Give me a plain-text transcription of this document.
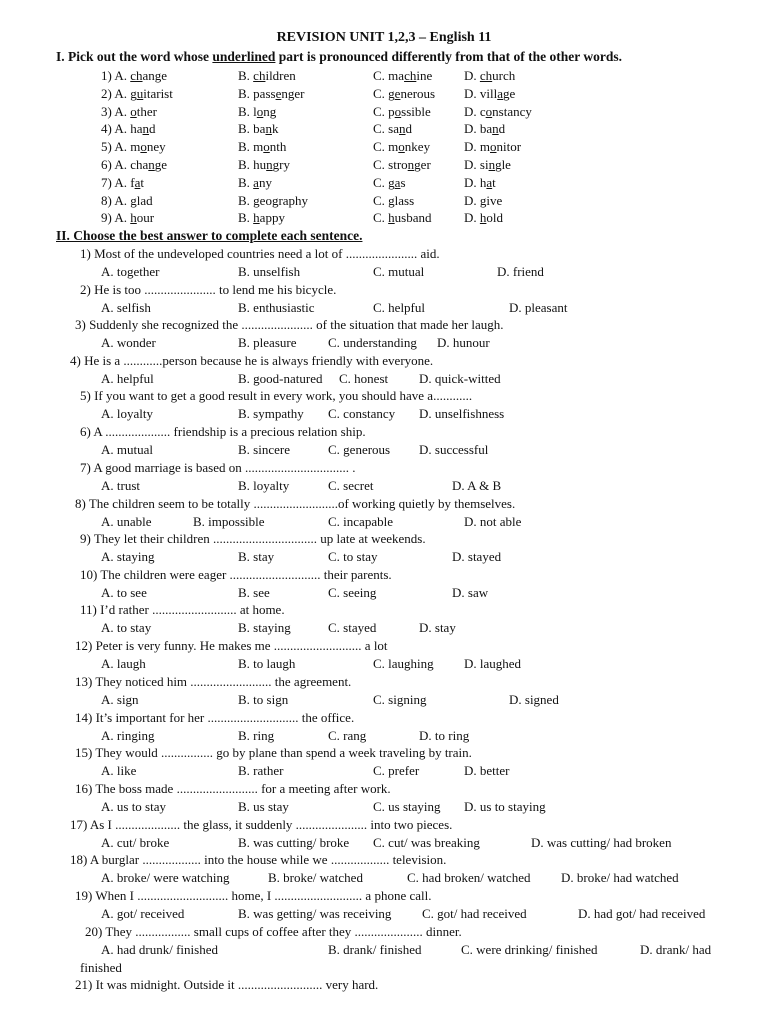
REVISION UNIT 1,2,3 – English 11
I. Pick out the word whose underlined part is pronounced differently from that of the other words.
1) A. change	B. children	C. machine D. church
2) A. guitarist	B. passenger	C. generous D. village
3) A. other	B. long	C. possible	D. constancy
4) A. hand	B. bank	C. sand	D. band
5) A. money	B. month	C. monkey	D. monitor
6) A. change	B. hungry	C. stronger	D. single
7) A. fat	B. any	C. gas	D. hat
8) A. glad	B. geography	C. glass	D. give
9) A. hour	B. happy	C. husband D. hold
II. Choose the best answer to complete each sentence.
1) Most of the undeveloped countries need a lot of ...................... aid.
A. together	B. unselfish	C. mutual	D. friend
2) He is too ...................... to lend me his bicycle.
A. selfish	B. enthusiastic	C. helpful	D. pleasant
3) Suddenly she recognized the ...................... of the situation that made her laugh.
A. wonder	B. pleasure C. understanding D. hunour
4) He is a ............person because he is always friendly with everyone.
A. helpful	B. good-natured C. honest D. quick-witted
5) If you want to get a good result in every work, you should have a............
A. loyalty	B. sympathy C. constancy D. unselfishness
6) A .................... friendship is a precious relation ship.
A. mutual	B. sincere	C. generous D. successful
7) A good marriage is based on ................................ .
A. trust	B. loyalty	C. secret	D. A & B
8) The children seem to be totally ..........................of working quietly by themselves.
A. unable	B. impossible	C. incapable	D. not able
9) They let their children ................................ up late at weekends.
A. staying	B. stay	C. to stay	D. stayed
10) The children were eager ............................ their parents.
A. to see	B. see	C. seeing	D. saw
11) I’d rather .......................... at home.
A. to stay	B. staying	C. stayed	D. stay
12) Peter is very funny. He makes me ........................... a lot
A. laugh	B. to laugh	C. laughing D. laughed
13) They noticed him ......................... the agreement.
A. sign	B. to sign	C. signing	D. signed
14) It’s important for her ............................ the office.
A. ringing	B. ring	C. rang	D. to ring
15) They would ................ go by plane than spend a week traveling by train.
A. like	B. rather	C. prefer	D. better
16) The boss made ......................... for a meeting after work.
A. us to stay	B. us stay	C. us staying D. us to staying
17) As I .................... the glass, it suddenly ...................... into two pieces.
A. cut/ broke	B. was cutting/ broke C. cut/ was breaking	D. was cutting/ had broken
18) A burglar .................. into the house while we .................. television.
A. broke/ were watching	B. broke/ watched	C. had broken/ watched D. broke/ had watched
19) When I ............................ home, I ........................... a phone call.
A. got/ received	B. was getting/ was receiving C. got/ had received	D. had got/ had received
20) They ................. small cups of coffee after they ..................... dinner.
A. had drunk/ finished	B. drank/ finished	C. were drinking/ finished	D. drank/ had
finished
21) It was midnight. Outside it .......................... very hard.
